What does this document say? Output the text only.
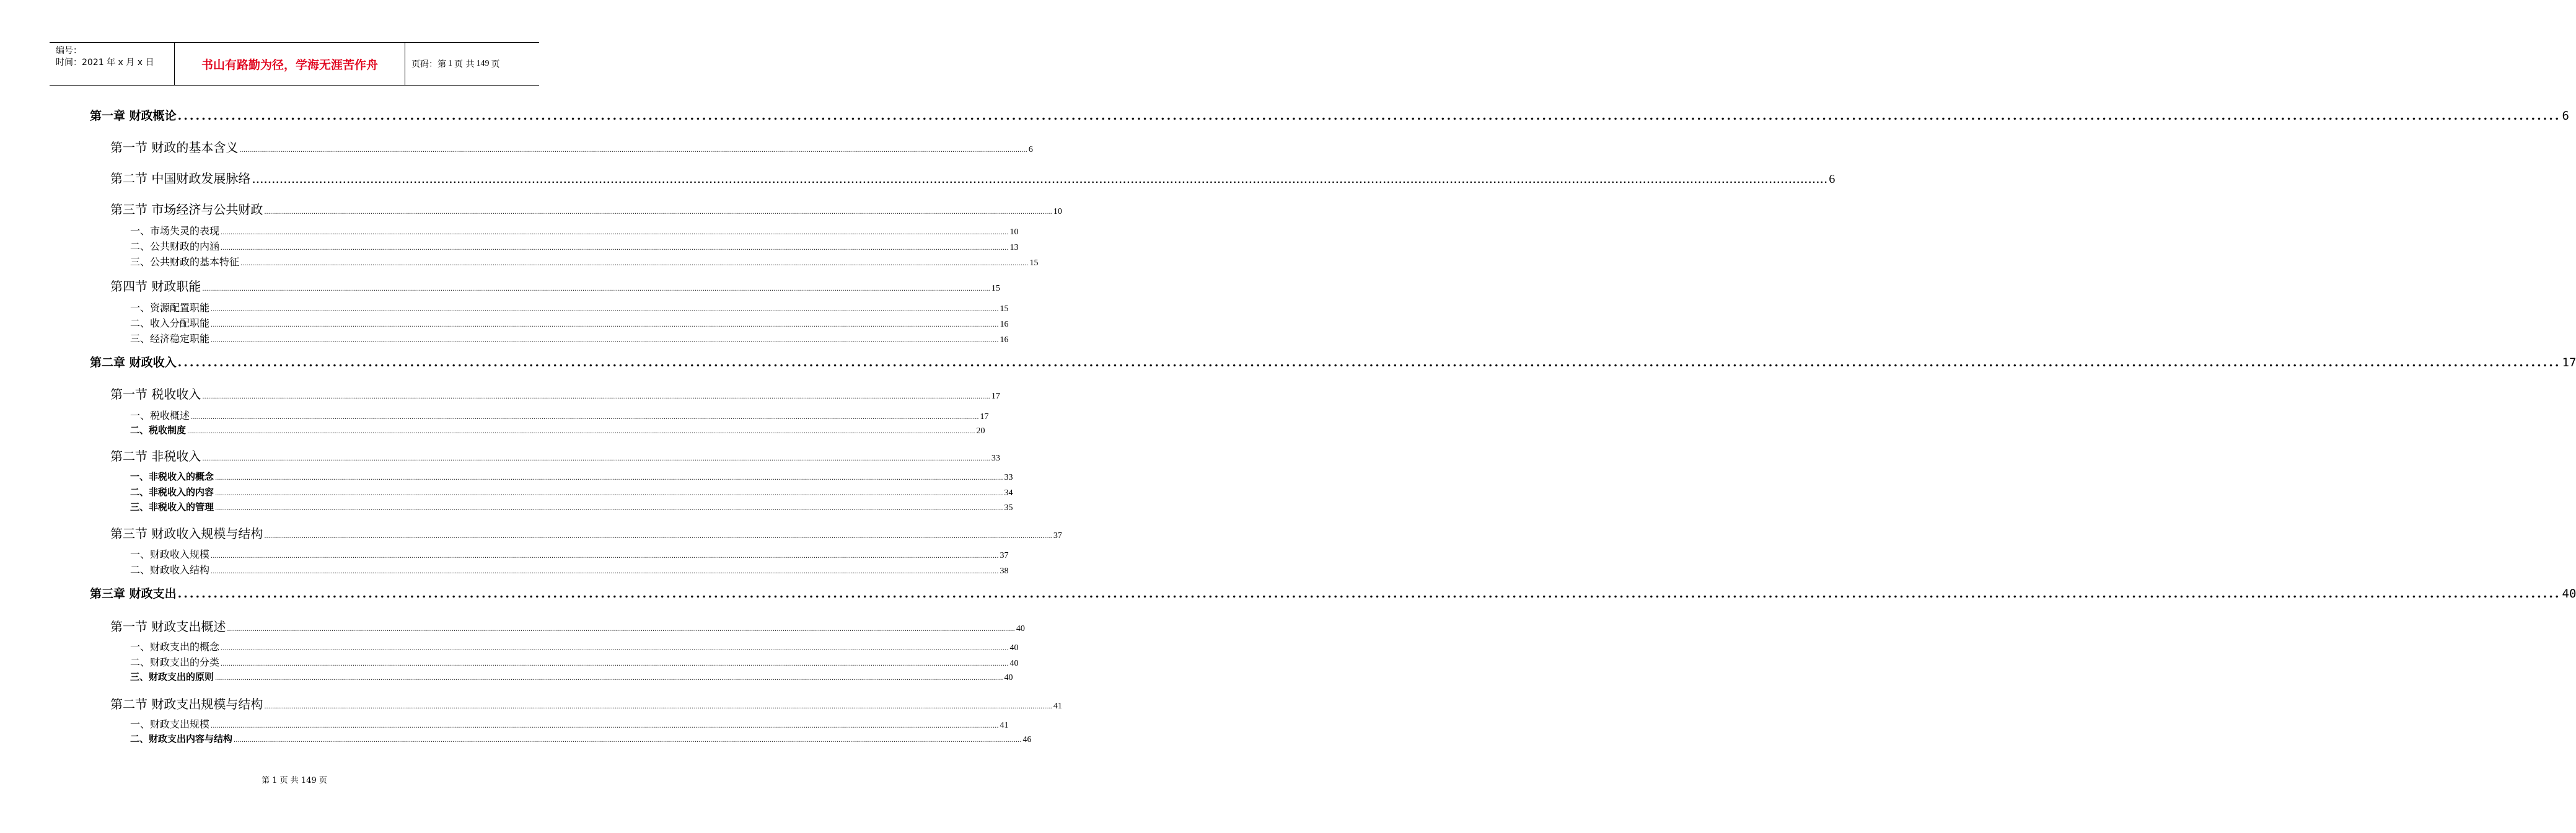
编号：
时间：2021 年 x 月 x 日	书山有路勤为径，学海无涯苦作舟	页码：第 1 页 共 149 页
第一章 财政概论 ................................................................................................................................................................................................................................................................................................................................................................................................................ 6
第一节 财政的基本含义 ................................................................................................................................................................................................................................................................................................................................................................................................................ 6
第二节 中国财政发展脉络 ................................................................................................................................................................................................................................................................................................................................................................................................................ 6
第三节 市场经济与公共财政 ................................................................................................................................................................................................................................................................................................................................................................................................................ 10
一、市场失灵的表现 ................................................................................................................................................................................................................................................................................................................................................................................................................ 10
二、公共财政的内涵 ................................................................................................................................................................................................................................................................................................................................................................................................................ 13
三、公共财政的基本特征 ................................................................................................................................................................................................................................................................................................................................................................................................................ 15
第四节 财政职能 ................................................................................................................................................................................................................................................................................................................................................................................................................ 15
一、资源配置职能 ................................................................................................................................................................................................................................................................................................................................................................................................................ 15
二、收入分配职能 ................................................................................................................................................................................................................................................................................................................................................................................................................ 16
三、经济稳定职能 ................................................................................................................................................................................................................................................................................................................................................................................................................ 16
第二章 财政收入 ................................................................................................................................................................................................................................................................................................................................................................................................................ 17
第一节 税收收入 ................................................................................................................................................................................................................................................................................................................................................................................................................ 17
一、税收概述 ................................................................................................................................................................................................................................................................................................................................................................................................................ 17
二、税收制度 ................................................................................................................................................................................................................................................................................................................................................................................................................ 20
第二节 非税收入 ................................................................................................................................................................................................................................................................................................................................................................................................................ 33
一、非税收入的概念 ................................................................................................................................................................................................................................................................................................................................................................................................................ 33
二、非税收入的内容 ................................................................................................................................................................................................................................................................................................................................................................................................................ 34
三、非税收入的管理 ................................................................................................................................................................................................................................................................................................................................................................................................................ 35
第三节 财政收入规模与结构 ................................................................................................................................................................................................................................................................................................................................................................................................................ 37
一、财政收入规模 ................................................................................................................................................................................................................................................................................................................................................................................................................ 37
二、财政收入结构 ................................................................................................................................................................................................................................................................................................................................................................................................................ 38
第三章 财政支出 ................................................................................................................................................................................................................................................................................................................................................................................................................ 40
第一节 财政支出概述 ................................................................................................................................................................................................................................................................................................................................................................................................................ 40
一、财政支出的概念 ................................................................................................................................................................................................................................................................................................................................................................................................................ 40
二、财政支出的分类 ................................................................................................................................................................................................................................................................................................................................................................................................................ 40
三、财政支出的原则 ................................................................................................................................................................................................................................................................................................................................................................................................................ 40
第二节 财政支出规模与结构 ................................................................................................................................................................................................................................................................................................................................................................................................................ 41
一、财政支出规模 ................................................................................................................................................................................................................................................................................................................................................................................................................ 41
二、财政支出内容与结构 ................................................................................................................................................................................................................................................................................................................................................................................................................ 46
第 1 页 共 149 页
